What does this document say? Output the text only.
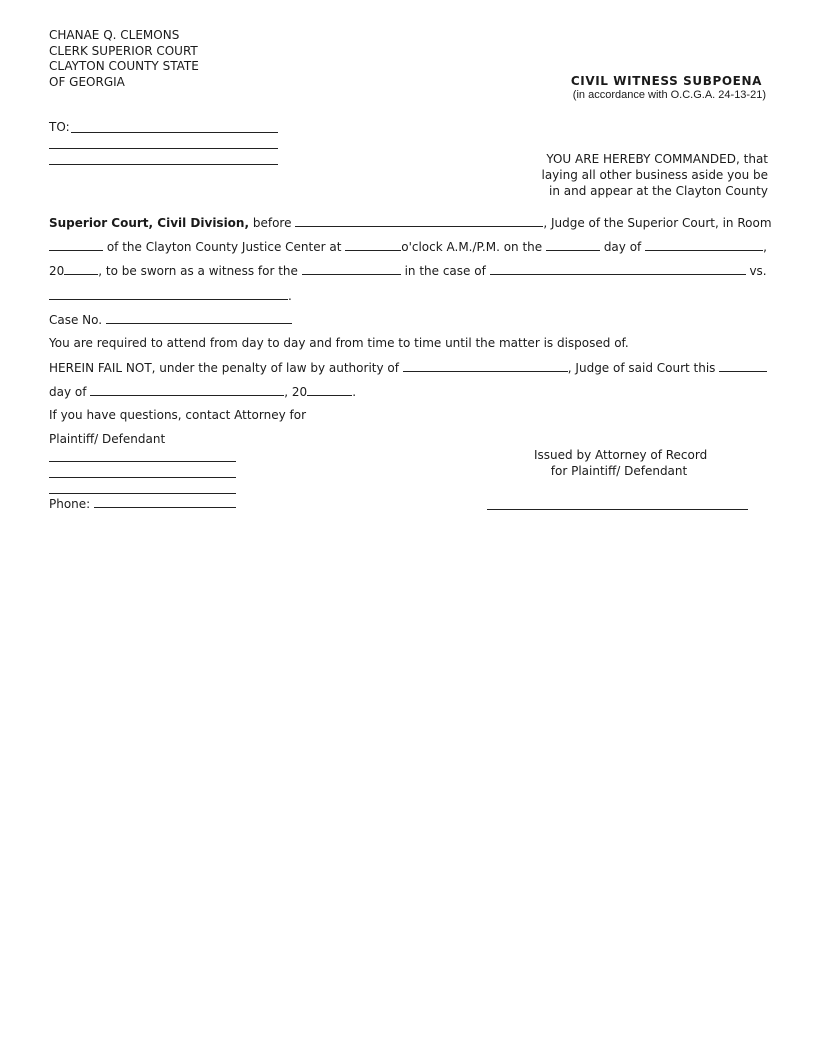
CHANAE Q. CLEMONS
CLERK SUPERIOR COURT
CLAYTON COUNTY STATE
OF GEORGIA	CIVIL WITNESS SUBPOENA
(in accordance with O.C.G.A. 24-13-21)
TO:
YOU ARE HEREBY COMMANDED, that
laying all other business aside you be
in and appear at the Clayton County
Superior Court, Civil Division, before	, Judge of the Superior Court, in Room
of the Clayton County Justice Center at	o'clock A.M./P.M. on the	day of	,
20	, to be sworn as a witness for the	in the case of	vs.
.
Case No.
You are required to attend from day to day and from time to time until the matter is disposed of.
HEREIN FAIL NOT, under the penalty of law by authority of	, Judge of said Court this
day of	, 20	.
If you have questions, contact Attorney for
Plaintiff/ Defendant
Phone:
Issued by Attorney of Record
for Plaintiff/ Defendant
